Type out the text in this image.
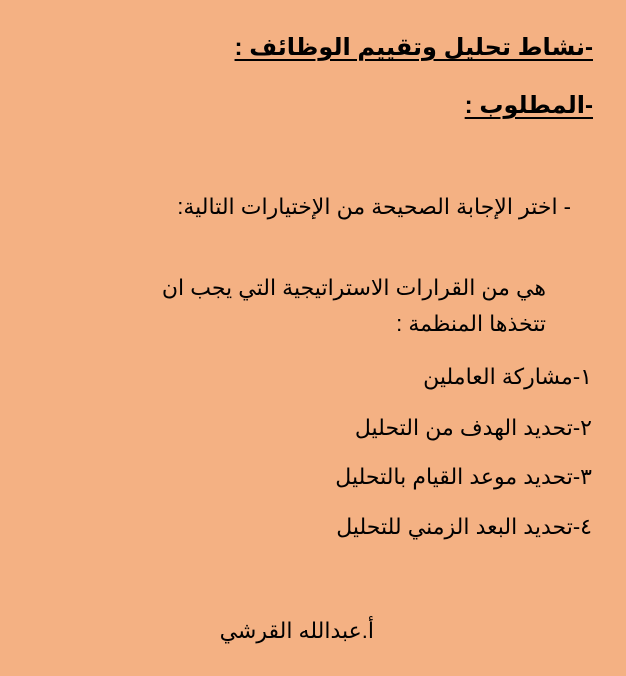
-نشاط تحليل وتقييم الوظائف :
-المطلوب :
- اختر الإجابة الصحيحة من الإختيارات التالية:
هي من القرارات الاستراتيجية التي يجب ان
تتخذها المنظمة :
١-مشاركة العاملين
٢-تحديد الهدف من التحليل
٣-تحديد موعد القيام بالتحليل
٤-تحديد البعد الزمني للتحليل
أ.عبدالله القرشي
